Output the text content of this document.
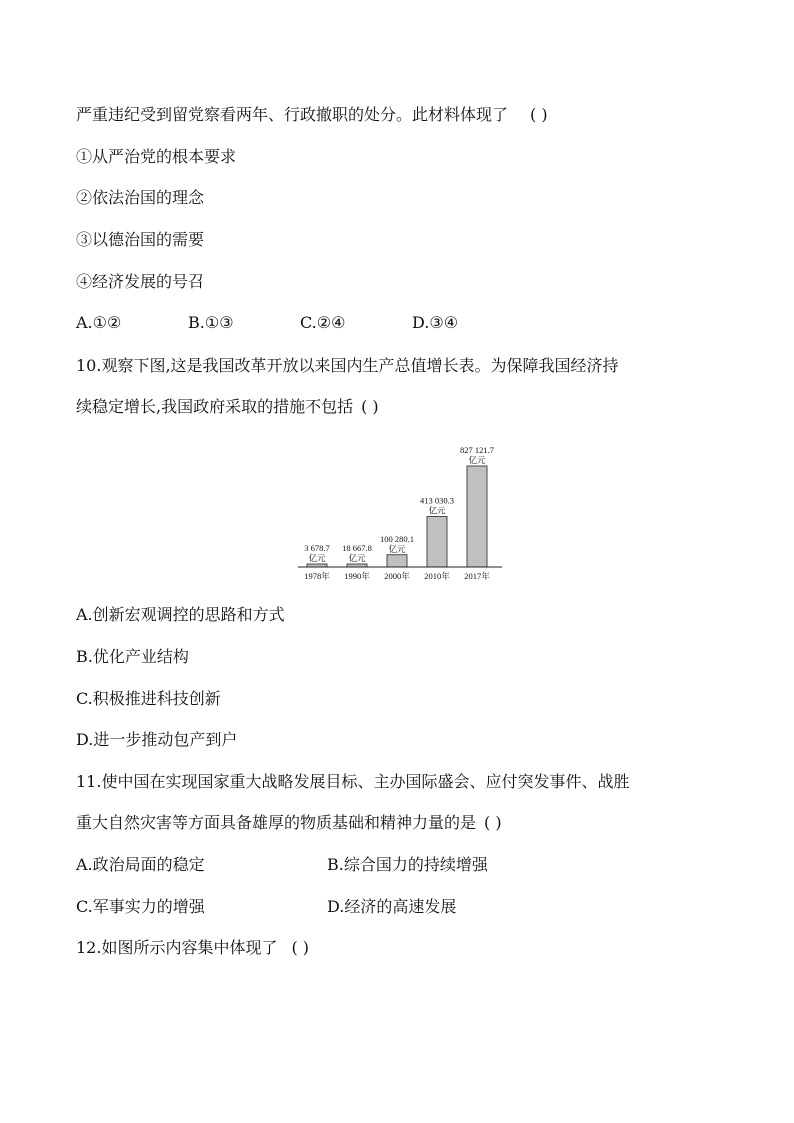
严重违纪受到留党察看两年、行政撤职的处分。此材料体现了 ( )

①从严治党的根本要求

②依法治国的理念

③以德治国的需要

④经济发展的号召

A.①②	B.①③	C.②④	D.③④

10.观察下图,这是我国改革开放以来国内生产总值增长表。为保障我国经济持

续稳定增长,我国政府采取的措施不包括 ( )

3 678.7
亿元
1978年
18 667.8
亿元
1990年
100 280.1
亿元
2000年
413 030.3
亿元
2010年
827 121.7
亿元
2017年

A.创新宏观调控的思路和方式

B.优化产业结构

C.积极推进科技创新

D.进一步推动包产到户

11.使中国在实现国家重大战略发展目标、主办国际盛会、应付突发事件、战胜

重大自然灾害等方面具备雄厚的物质基础和精神力量的是 ( )

A.政治局面的稳定	B.综合国力的持续增强

C.军事实力的增强	D.经济的高速发展

12.如图所示内容集中体现了 ( )
